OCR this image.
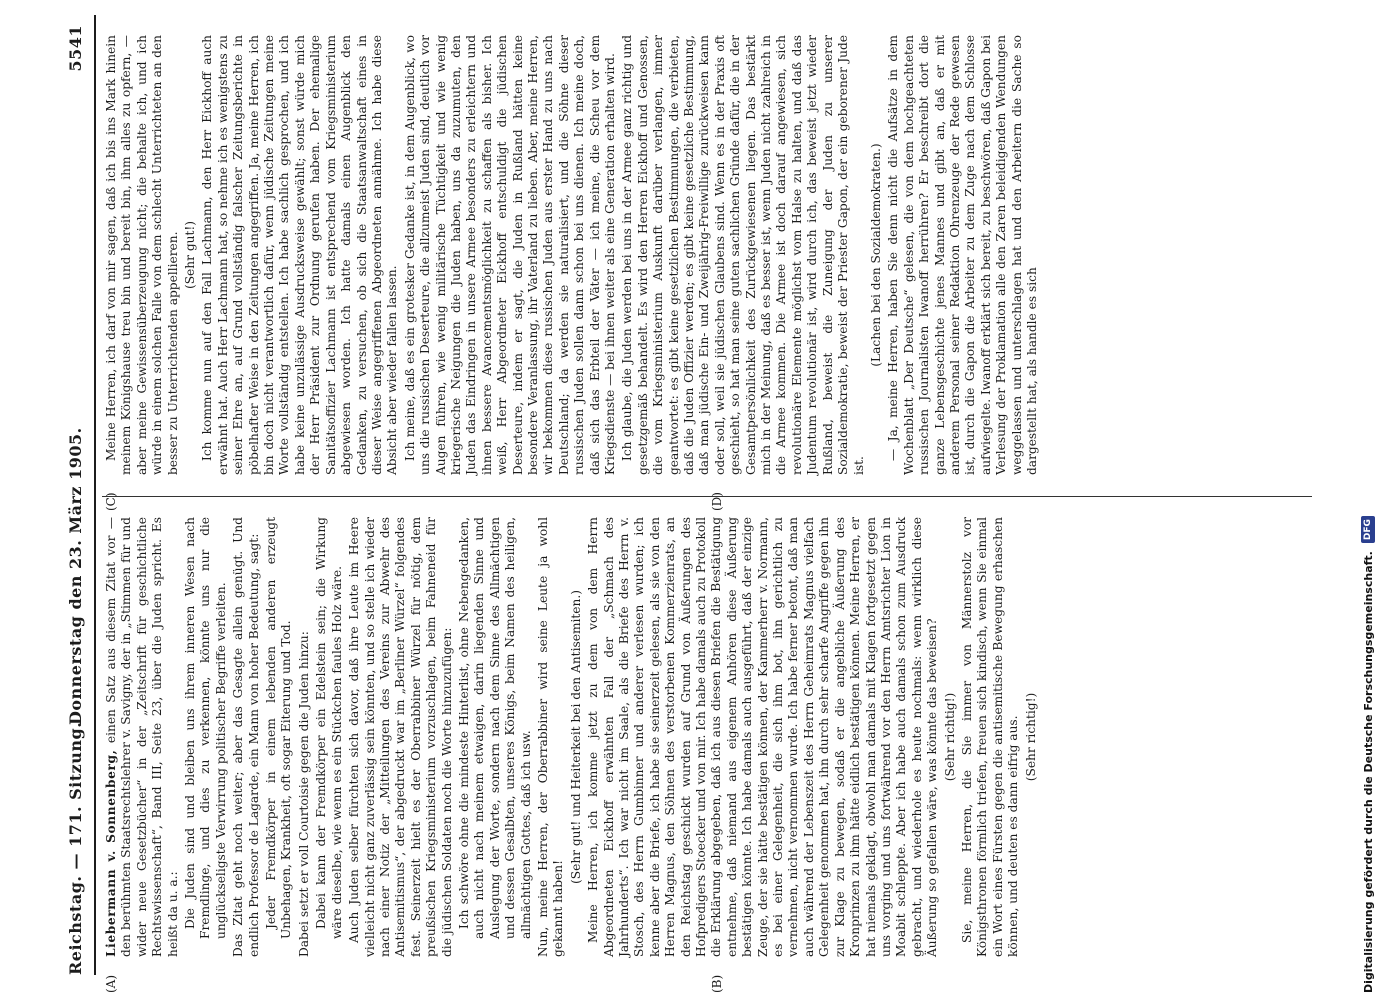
Reichstag. — 171. Sitzung.
Donnerstag den 23. März 1905.
5541
(A)	(B)
(C)	(D)

Liebermann v. Sonnenberg, einen Satz aus diesem Zitat vor — den berühmten Staatsrechtslehrer v. Savigny, der in „Stimmen für und wider neue Gesetzbücher“ in der „Zeitschrift für geschichtliche Rechtswissenschaft“, Band III, Seite 23, über die Juden spricht. Es heißt da u. a.: Die Juden sind und bleiben uns ihrem inneren Wesen nach Fremdlinge, und dies zu verkennen, könnte uns nur die unglückseligste Verwirrung politischer Begriffe verleiten. Das Zitat geht noch weiter; aber das Gesagte allein genügt. Und endlich Professor de Lagarde, ein Mann von hoher Bedeutung, sagt: Jeder Fremdkörper in einem lebenden anderen erzeugt Unbehagen, Krankheit, oft sogar Eiterung und Tod. Dabei setzt er voll Courtoisie gegen die Juden hinzu: Dabei kann der Fremdkörper ein Edelstein sein; die Wirkung wäre dieselbe, wie wenn es ein Stückchen faules Holz wäre. Auch Juden selber fürchten sich davor, daß ihre Leute im Heere vielleicht nicht ganz zuverlässig sein könnten, und so stelle ich wieder nach einer Notiz der „Mitteilungen des Vereins zur Abwehr des Antisemitismus“, der abgedruckt war im „Berliner Würzel“ folgendes fest. Seinerzeit hielt es der Oberrabbiner Würzel für nötig, dem preußischen Kriegsministerium vorzuschlagen, beim Fahneneid für die jüdischen Soldaten noch die Worte hinzuzufügen: Ich schwöre ohne die mindeste Hinterlist, ohne Nebengedanken, auch nicht nach meinem etwaigen, darin liegenden Sinne und Auslegung der Worte, sondern nach dem Sinne des Allmächtigen und dessen Gesalbten, unseres Königs, beim Namen des heiligen, allmächtigen Gottes, daß ich usw. Nun, meine Herren, der Oberrabbiner wird seine Leute ja wohl gekannt haben!

(Sehr gut! und Heiterkeit bei den Antisemiten.) Meine Herren, ich komme jetzt zu dem von dem Herrn Abgeordneten Eickhoff erwähnten Fall der „Schmach des Jahrhunderts“. Ich war nicht im Saale, als die Briefe des Herrn v. Stosch, des Herrn Gumbinner und anderer verlesen wurden; ich kenne aber die Briefe, ich habe sie seinerzeit gelesen, als sie von den Herren Magnus, den Söhnen des verstorbenen Kommerzienrats, an den Reichstag geschickt wurden auf Grund von Äußerungen des Hofpredigers Stoecker und von mir. Ich habe damals auch zu Protokoll die Erklärung abgegeben, daß ich aus diesen Briefen die Bestätigung entnehme, daß niemand aus eigenem Anhören diese Äußerung bestätigen könnte. Ich habe damals auch ausgeführt, daß der einzige Zeuge, der sie hätte bestätigen können, der Kammerherr v. Normann, es bei einer Gelegenheit, die sich ihm bot, ihn gerichtlich zu vernehmen, nicht vernommen wurde. Ich habe ferner betont, daß man auch während der Lebenszeit des Herrn Geheimrats Magnus vielfach Gelegenheit genommen hat, ihn durch sehr scharfe Angriffe gegen ihn zur Klage zu bewegen, sodaß er die angebliche Äußerung des Kronprinzen zu ihm hätte eidlich bestätigen können. Meine Herren, er hat niemals geklagt, obwohl man damals mit Klagen fortgesetzt gegen uns vorging und uns fortwährend vor den Herrn Amtsrichter Lion in Moabit schleppte. Aber ich habe auch damals schon zum Ausdruck gebracht, und wiederhole es heute nochmals: wenn wirklich diese Äußerung so gefallen wäre, was könnte das beweisen? (Sehr richtig!) Sie, meine Herren, die Sie immer von Männerstolz vor Königsthronen förmlich triefen, freuen sich kindisch, wenn Sie einmal ein Wort eines Fürsten gegen die antisemitische Bewegung erhaschen können, und deuten es dann eifrig aus. (Sehr richtig!)

Meine Herren, ich darf von mir sagen, daß ich bis ins Mark hinein meinem Königshause treu bin und bereit bin, ihm alles zu opfern, — aber meine Gewissensüberzeugung nicht; die behalte ich, und ich würde in einem solchen Falle von dem schlecht Unterrichteten an den besser zu Unterrichtenden appellieren. (Sehr gut!) Ich komme nun auf den Fall Lachmann, den Herr Eickhoff auch erwähnt hat. Auch Herr Lachmann hat, so nehme ich es wenigstens zu seiner Ehre an, auf Grund vollständig falscher Zeitungsberichte in pöbelhafter Weise in den Zeitungen angegriffen. Ja, meine Herren, ich bin doch nicht verantwortlich dafür, wenn jüdische Zeitungen meine Worte vollständig entstellen. Ich habe sachlich gesprochen, und ich habe keine unzulässige Ausdrucksweise gewählt; sonst würde mich der Herr Präsident zur Ordnung gerufen haben. Der ehemalige Sanitätsoffizier Lachmann ist entsprechend vom Kriegsministerium abgewiesen worden. Ich hatte damals einen Augenblick den Gedanken, zu versuchen, ob sich die Staatsanwaltschaft eines in dieser Weise angegriffenen Abgeordneten annähme. Ich habe diese Absicht aber wieder fallen lassen. Ich meine, daß es ein grotesker Gedanke ist, in dem Augenblick, wo uns die russischen Deserteure, die allzumeist Juden sind, deutlich vor Augen führen, wie wenig militärische Tüchtigkeit und wie wenig kriegerische Neigungen die Juden haben, uns da zuzumuten, den Juden das Eindringen in unsere Armee besonders zu erleichtern und ihnen bessere Avancementsmöglichkeit zu schaffen als bisher. Ich weiß, Herr Abgeordneter Eickhoff entschuldigt die jüdischen Deserteure, indem er sagt, die Juden in Rußland hätten keine besondere Veranlassung, ihr Vaterland zu lieben. Aber, meine Herren, wir bekommen diese russischen Juden aus erster Hand zu uns nach Deutschland; da werden sie naturalisiert, und die Söhne dieser russischen Juden sollen dann schon bei uns dienen. Ich meine doch, daß sich das Erbteil der Väter — ich meine, die Scheu vor dem Kriegsdienste — bei ihnen weiter als eine Generation erhalten wird. Ich glaube, die Juden werden bei uns in der Armee ganz richtig und gesetzgemäß behandelt. Es wird den Herren Eickhoff und Genossen, die vom Kriegsministerium Auskunft darüber verlangen, immer geantwortet: es gibt keine gesetzlichen Bestimmungen, die verbieten, daß die Juden Offizier werden; es gibt keine gesetzliche Bestimmung, daß man jüdische Ein- und Zweijährig-Freiwillige zurückweisen kann oder soll, weil sie jüdischen Glaubens sind. Wenn es in der Praxis oft geschieht, so hat man seine guten sachlichen Gründe dafür, die in der Gesamtpersönlichkeit des Zurückgewiesenen liegen. Das bestärkt mich in der Meinung, daß es besser ist, wenn Juden nicht zahlreich in die Armee kommen. Die Armee ist doch darauf angewiesen, sich revolutionäre Elemente möglichst vom Halse zu halten, und daß das Judentum revolutionär ist, wird durch ich, das beweist jetzt wieder Rußland, beweist die Zuneigung der Juden zu unserer Sozialdemokratie, beweist der Priester Gapon, der ein geborener Jude ist.

(Lachen bei den Sozialdemokraten.) — Ja, meine Herren, haben Sie denn nicht die Aufsätze in dem Wochenblatt „Der Deutsche“ gelesen, die von dem hochgeachteten russischen Journalisten Iwanoff herrühren? Er beschreibt dort die ganze Lebensgeschichte jenes Mannes und gibt an, daß er mit anderem Personal seiner Redaktion Ohrenzeuge der Rede gewesen ist, durch die Gapon die Arbeiter zu dem Zuge nach dem Schlosse aufwiegelte. Iwanoff erklärt sich bereit, zu beschwören, daß Gapon bei Verlesung der Proklamation alle den Zaren beleidigenden Wendungen weggelassen und unterschlagen hat und den Arbeitern die Sache so dargestellt hat, als handle es sich

Digitalisierung gefördert durch die Deutsche Forschungsgemeinschaft.
DFG
